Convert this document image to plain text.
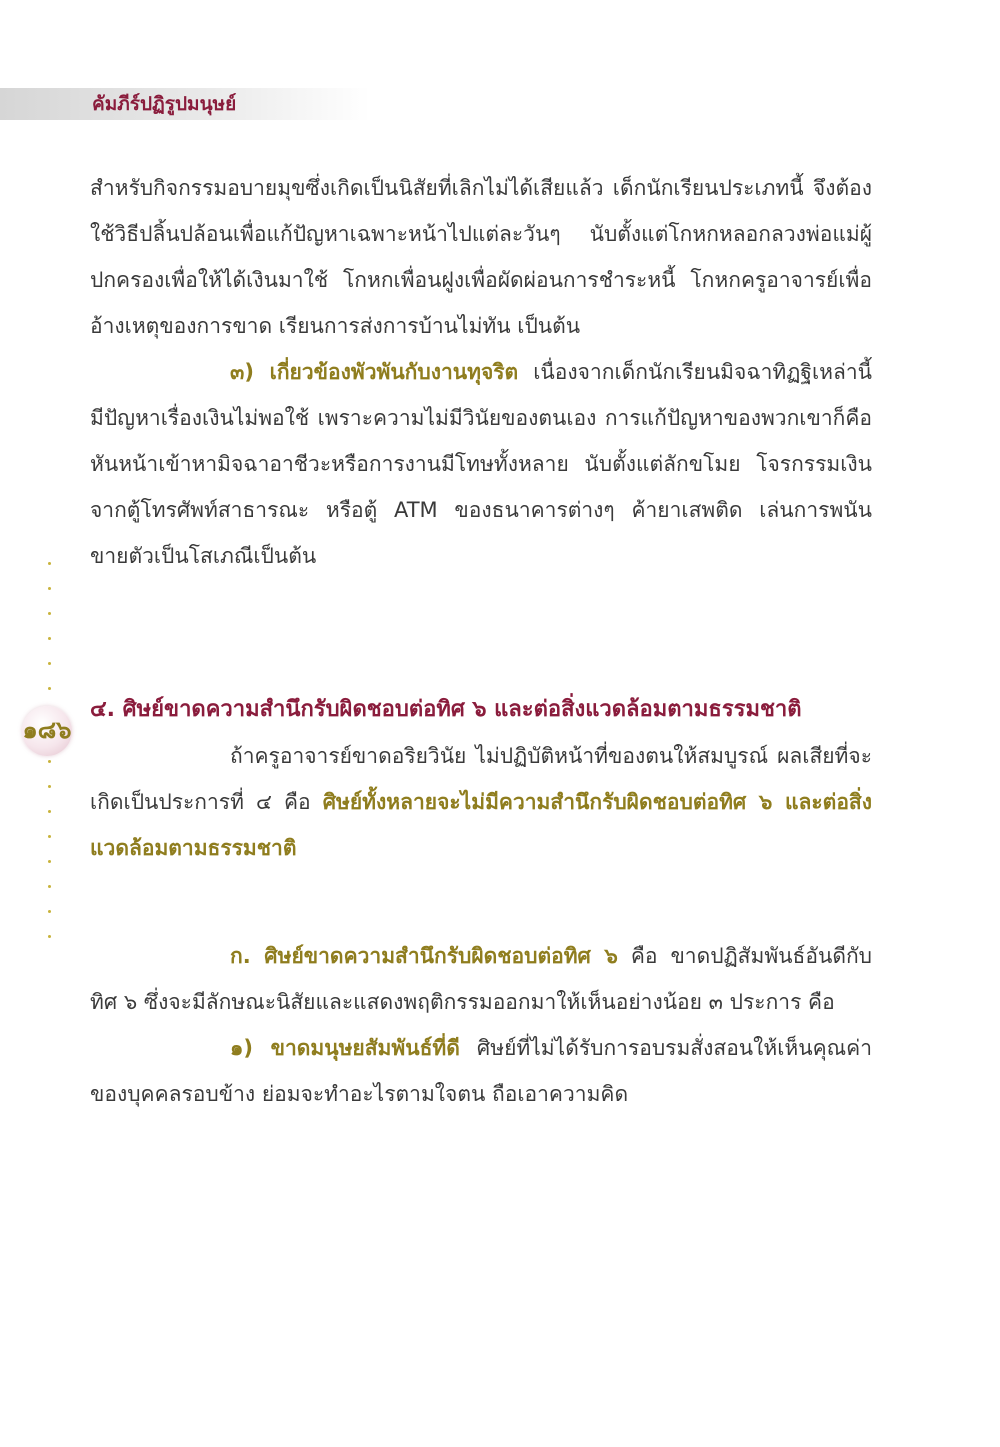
คัมภีร์ปฏิรูปมนุษย์
๑๘๖

สำหรับกิจกรรมอบายมุขซึ่งเกิดเป็นนิสัยที่เลิกไม่ได้เสียแล้ว เด็กนักเรียนประเภทนี้ จึงต้องใช้วิธีปลิ้นปล้อนเพื่อแก้ปัญหาเฉพาะหน้าไปแต่ละวันๆ นับตั้งแต่โกหกหลอกลวงพ่อแม่ผู้ปกครองเพื่อให้ได้เงินมาใช้ โกหกเพื่อนฝูงเพื่อผัดผ่อนการชำระหนี้ โกหกครูอาจารย์เพื่ออ้างเหตุของการขาด เรียนการส่งการบ้านไม่ทัน เป็นต้น

๓) เกี่ยวข้องพัวพันกับงานทุจริต เนื่องจากเด็กนักเรียนมิจฉาทิฏฐิเหล่านี้ มีปัญหาเรื่องเงินไม่พอใช้ เพราะความไม่มีวินัยของตนเอง การแก้ปัญหาของพวกเขาก็คือ หันหน้าเข้าหามิจฉาอาชีวะหรือการงานมีโทษทั้งหลาย นับตั้งแต่ลักขโมย โจรกรรมเงินจากตู้โทรศัพท์สาธารณะ หรือตู้ ATM ของธนาคารต่างๆ ค้ายาเสพติด เล่นการพนัน ขายตัวเป็นโสเภณีเป็นต้น

๔. ศิษย์ขาดความสำนึกรับผิดชอบต่อทิศ ๖ และต่อสิ่งแวดล้อมตามธรรมชาติ

ถ้าครูอาจารย์ขาดอริยวินัย ไม่ปฏิบัติหน้าที่ของตนให้สมบูรณ์ ผลเสียที่จะเกิดเป็นประการที่ ๔ คือ ศิษย์ทั้งหลายจะไม่มีความสำนึกรับผิดชอบต่อทิศ ๖ และต่อสิ่งแวดล้อมตามธรรมชาติ

ก. ศิษย์ขาดความสำนึกรับผิดชอบต่อทิศ ๖ คือ ขาดปฏิสัมพันธ์อันดีกับทิศ ๖ ซึ่งจะมีลักษณะนิสัยและแสดงพฤติกรรมออกมาให้เห็นอย่างน้อย ๓ ประการ คือ

๑) ขาดมนุษยสัมพันธ์ที่ดี ศิษย์ที่ไม่ได้รับการอบรมสั่งสอนให้เห็นคุณค่าของบุคคลรอบข้าง ย่อมจะทำอะไรตามใจตน ถือเอาความคิด
